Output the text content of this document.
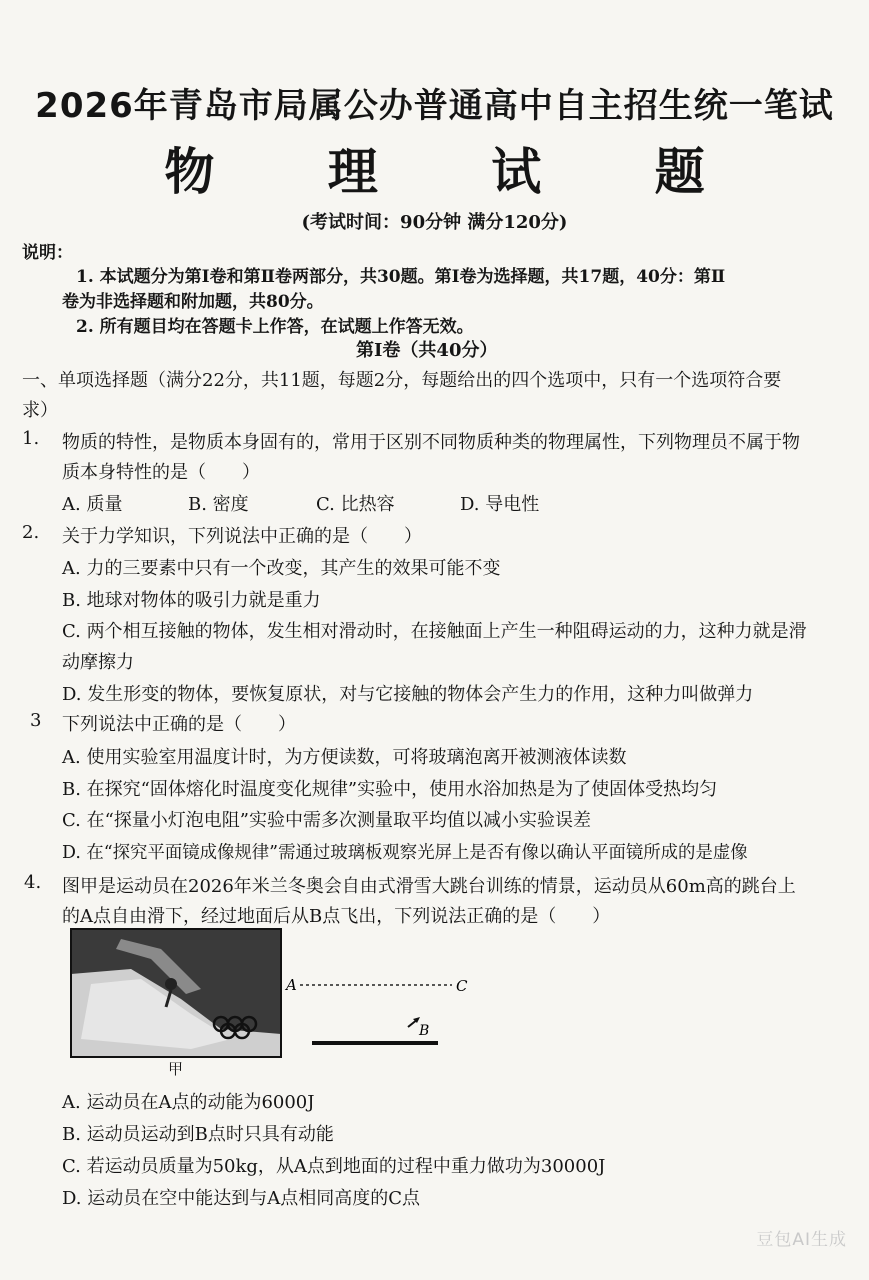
2026年青岛市局属公办普通高中自主招生统一笔试
物 理 试 题
(考试时间：90分钟 满分120分)
说明：
1. 本试题分为第Ⅰ卷和第Ⅱ卷两部分，共30题。第Ⅰ卷为选择题，共17题，40分：第Ⅱ
卷为非选择题和附加题，共80分。
2. 所有题目均在答题卡上作答，在试题上作答无效。
第Ⅰ卷（共40分）
一、单项选择题（满分22分，共11题，每题2分，每题给出的四个选项中，只有一个选项符合要
求）
1. 物质的特性，是物质本身固有的，常用于区别不同物质种类的物理属性，下列物理员不属于物
质本身特性的是（　　）
A. 质量	B. 密度	C. 比热容	D. 导电性
2. 关于力学知识，下列说法中正确的是（　　）
A. 力的三要素中只有一个改变，其产生的效果可能不变
B. 地球对物体的吸引力就是重力
C. 两个相互接触的物体，发生相对滑动时，在接触面上产生一种阻碍运动的力，这种力就是滑
动摩擦力
D. 发生形变的物体，要恢复原状，对与它接触的物体会产生力的作用，这种力叫做弹力
3 下列说法中正确的是（　　）
A. 使用实验室用温度计时，为方便读数，可将玻璃泡离开被测液体读数
B. 在探究“固体熔化时温度变化规律”实验中，使用水浴加热是为了使固体受热均匀
C. 在“探量小灯泡电阻”实验中需多次测量取平均值以减小实验误差
D. 在“探究平面镜成像规律”需通过玻璃板观察光屏上是否有像以确认平面镜所成的是虚像
4. 图甲是运动员在2026年米兰冬奥会自由式滑雪大跳台训练的情景，运动员从60m高的跳台上
的A点自由滑下，经过地面后从B点飞出，下列说法正确的是（　　）
甲
A	C
B
A. 运动员在A点的动能为6000J
B. 运动员运动到B点时只具有动能
C. 若运动员质量为50kg，从A点到地面的过程中重力做功为30000J
D. 运动员在空中能达到与A点相同高度的C点
豆包AI生成
